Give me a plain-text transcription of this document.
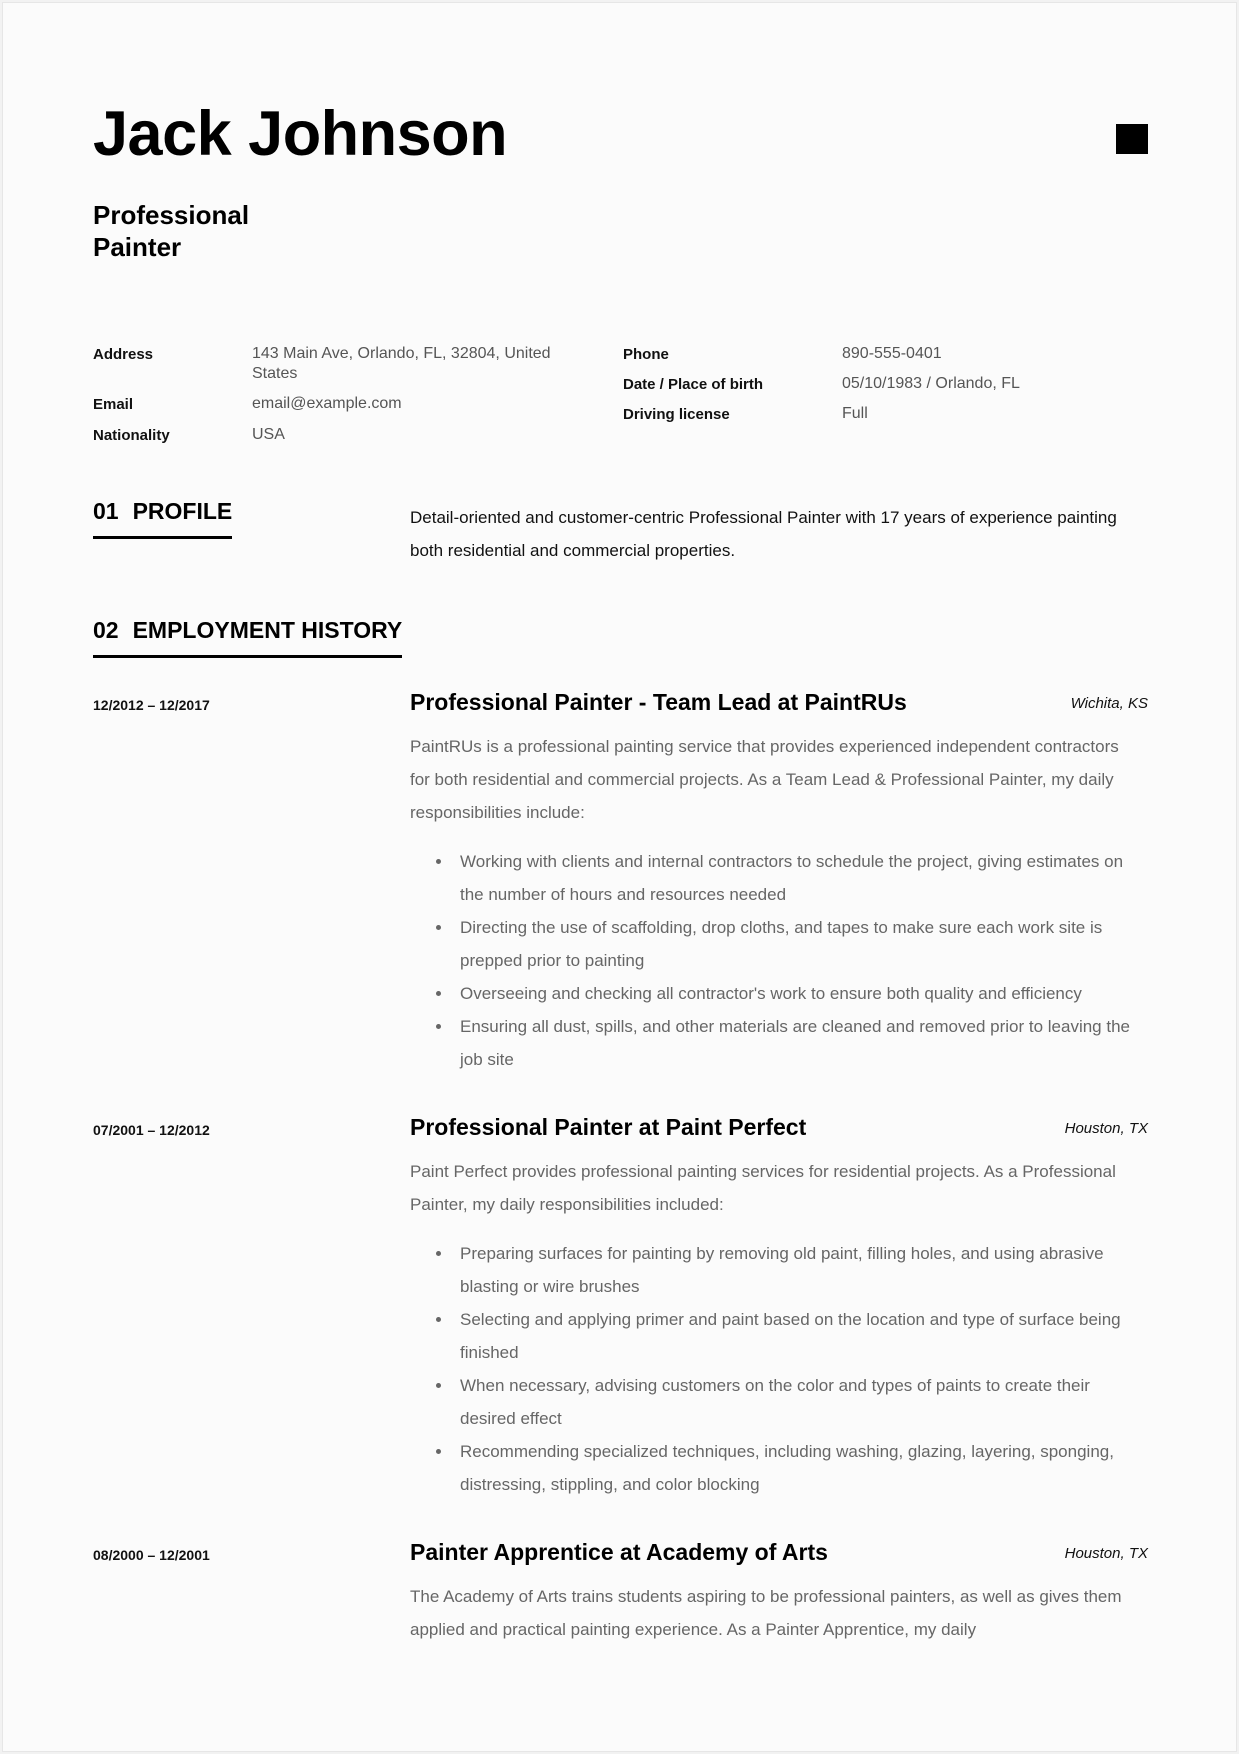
Jack Johnson
Professional Painter
Address	143 Main Ave, Orlando, FL, 32804, United States
Email	email@example.com
Nationality	USA
Phone	890-555-0401
Date / Place of birth	05/10/1983 / Orlando, FL
Driving license	Full
01 PROFILE	Detail-oriented and customer-centric Professional Painter with 17 years of experience painting both residential and commercial properties.
02 EMPLOYMENT HISTORY
12/2012 – 12/2017	Professional Painter - Team Lead at PaintRUs	Wichita, KS
PaintRUs is a professional painting service that provides experienced independent contractors for both residential and commercial projects. As a Team Lead & Professional Painter, my daily responsibilities include:
Working with clients and internal contractors to schedule the project, giving estimates on the number of hours and resources needed
Directing the use of scaffolding, drop cloths, and tapes to make sure each work site is prepped prior to painting
Overseeing and checking all contractor's work to ensure both quality and efficiency
Ensuring all dust, spills, and other materials are cleaned and removed prior to leaving the job site
07/2001 – 12/2012	Professional Painter at Paint Perfect	Houston, TX
Paint Perfect provides professional painting services for residential projects. As a Professional Painter, my daily responsibilities included:
Preparing surfaces for painting by removing old paint, filling holes, and using abrasive blasting or wire brushes
Selecting and applying primer and paint based on the location and type of surface being finished
When necessary, advising customers on the color and types of paints to create their desired effect
Recommending specialized techniques, including washing, glazing, layering, sponging, distressing, stippling, and color blocking
08/2000 – 12/2001	Painter Apprentice at Academy of Arts	Houston, TX
The Academy of Arts trains students aspiring to be professional painters, as well as gives them applied and practical painting experience. As a Painter Apprentice, my daily
